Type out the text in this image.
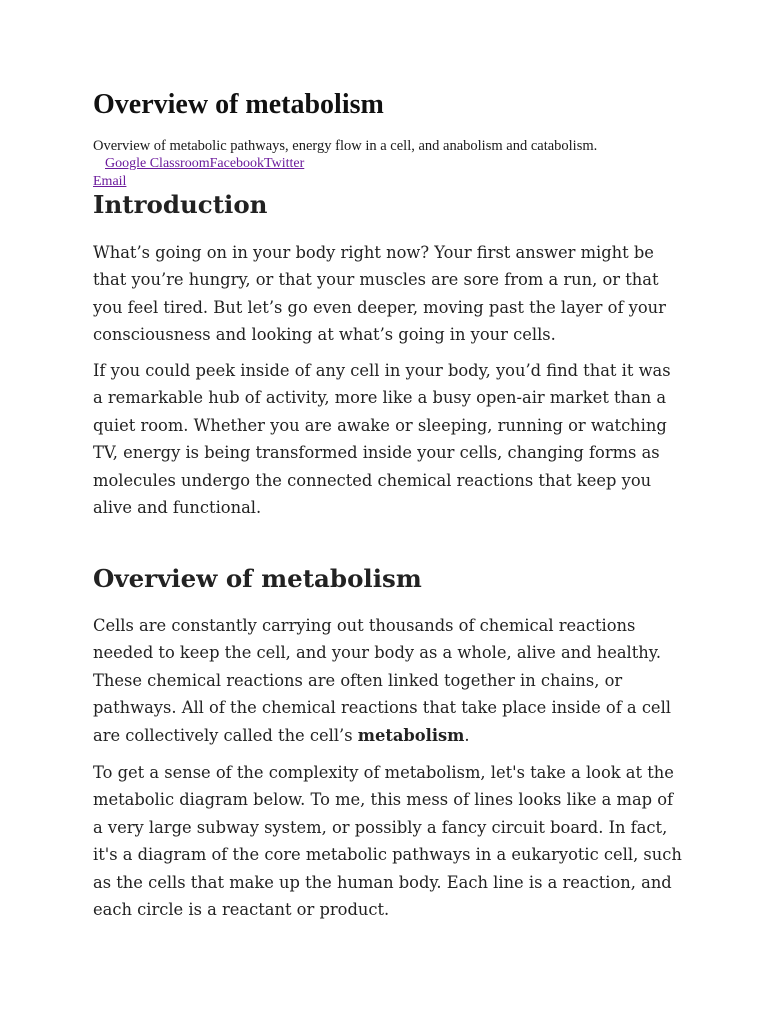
Overview of metabolism

Overview of metabolic pathways, energy flow in a cell, and anabolism and catabolism.

Google ClassroomFacebookTwitter
Email
Introduction

What’s going on in your body right now? Your first answer might be
that you’re hungry, or that your muscles are sore from a run, or that
you feel tired. But let’s go even deeper, moving past the layer of your
consciousness and looking at what’s going in your cells.

If you could peek inside of any cell in your body, you’d find that it was
a remarkable hub of activity, more like a busy open-air market than a
quiet room. Whether you are awake or sleeping, running or watching
TV, energy is being transformed inside your cells, changing forms as
molecules undergo the connected chemical reactions that keep you
alive and functional.

Overview of metabolism

Cells are constantly carrying out thousands of chemical reactions
needed to keep the cell, and your body as a whole, alive and healthy.
These chemical reactions are often linked together in chains, or
pathways. All of the chemical reactions that take place inside of a cell
are collectively called the cell’s metabolism.

To get a sense of the complexity of metabolism, let's take a look at the
metabolic diagram below. To me, this mess of lines looks like a map of
a very large subway system, or possibly a fancy circuit board. In fact,
it's a diagram of the core metabolic pathways in a eukaryotic cell, such
as the cells that make up the human body. Each line is a reaction, and
each circle is a reactant or product.
